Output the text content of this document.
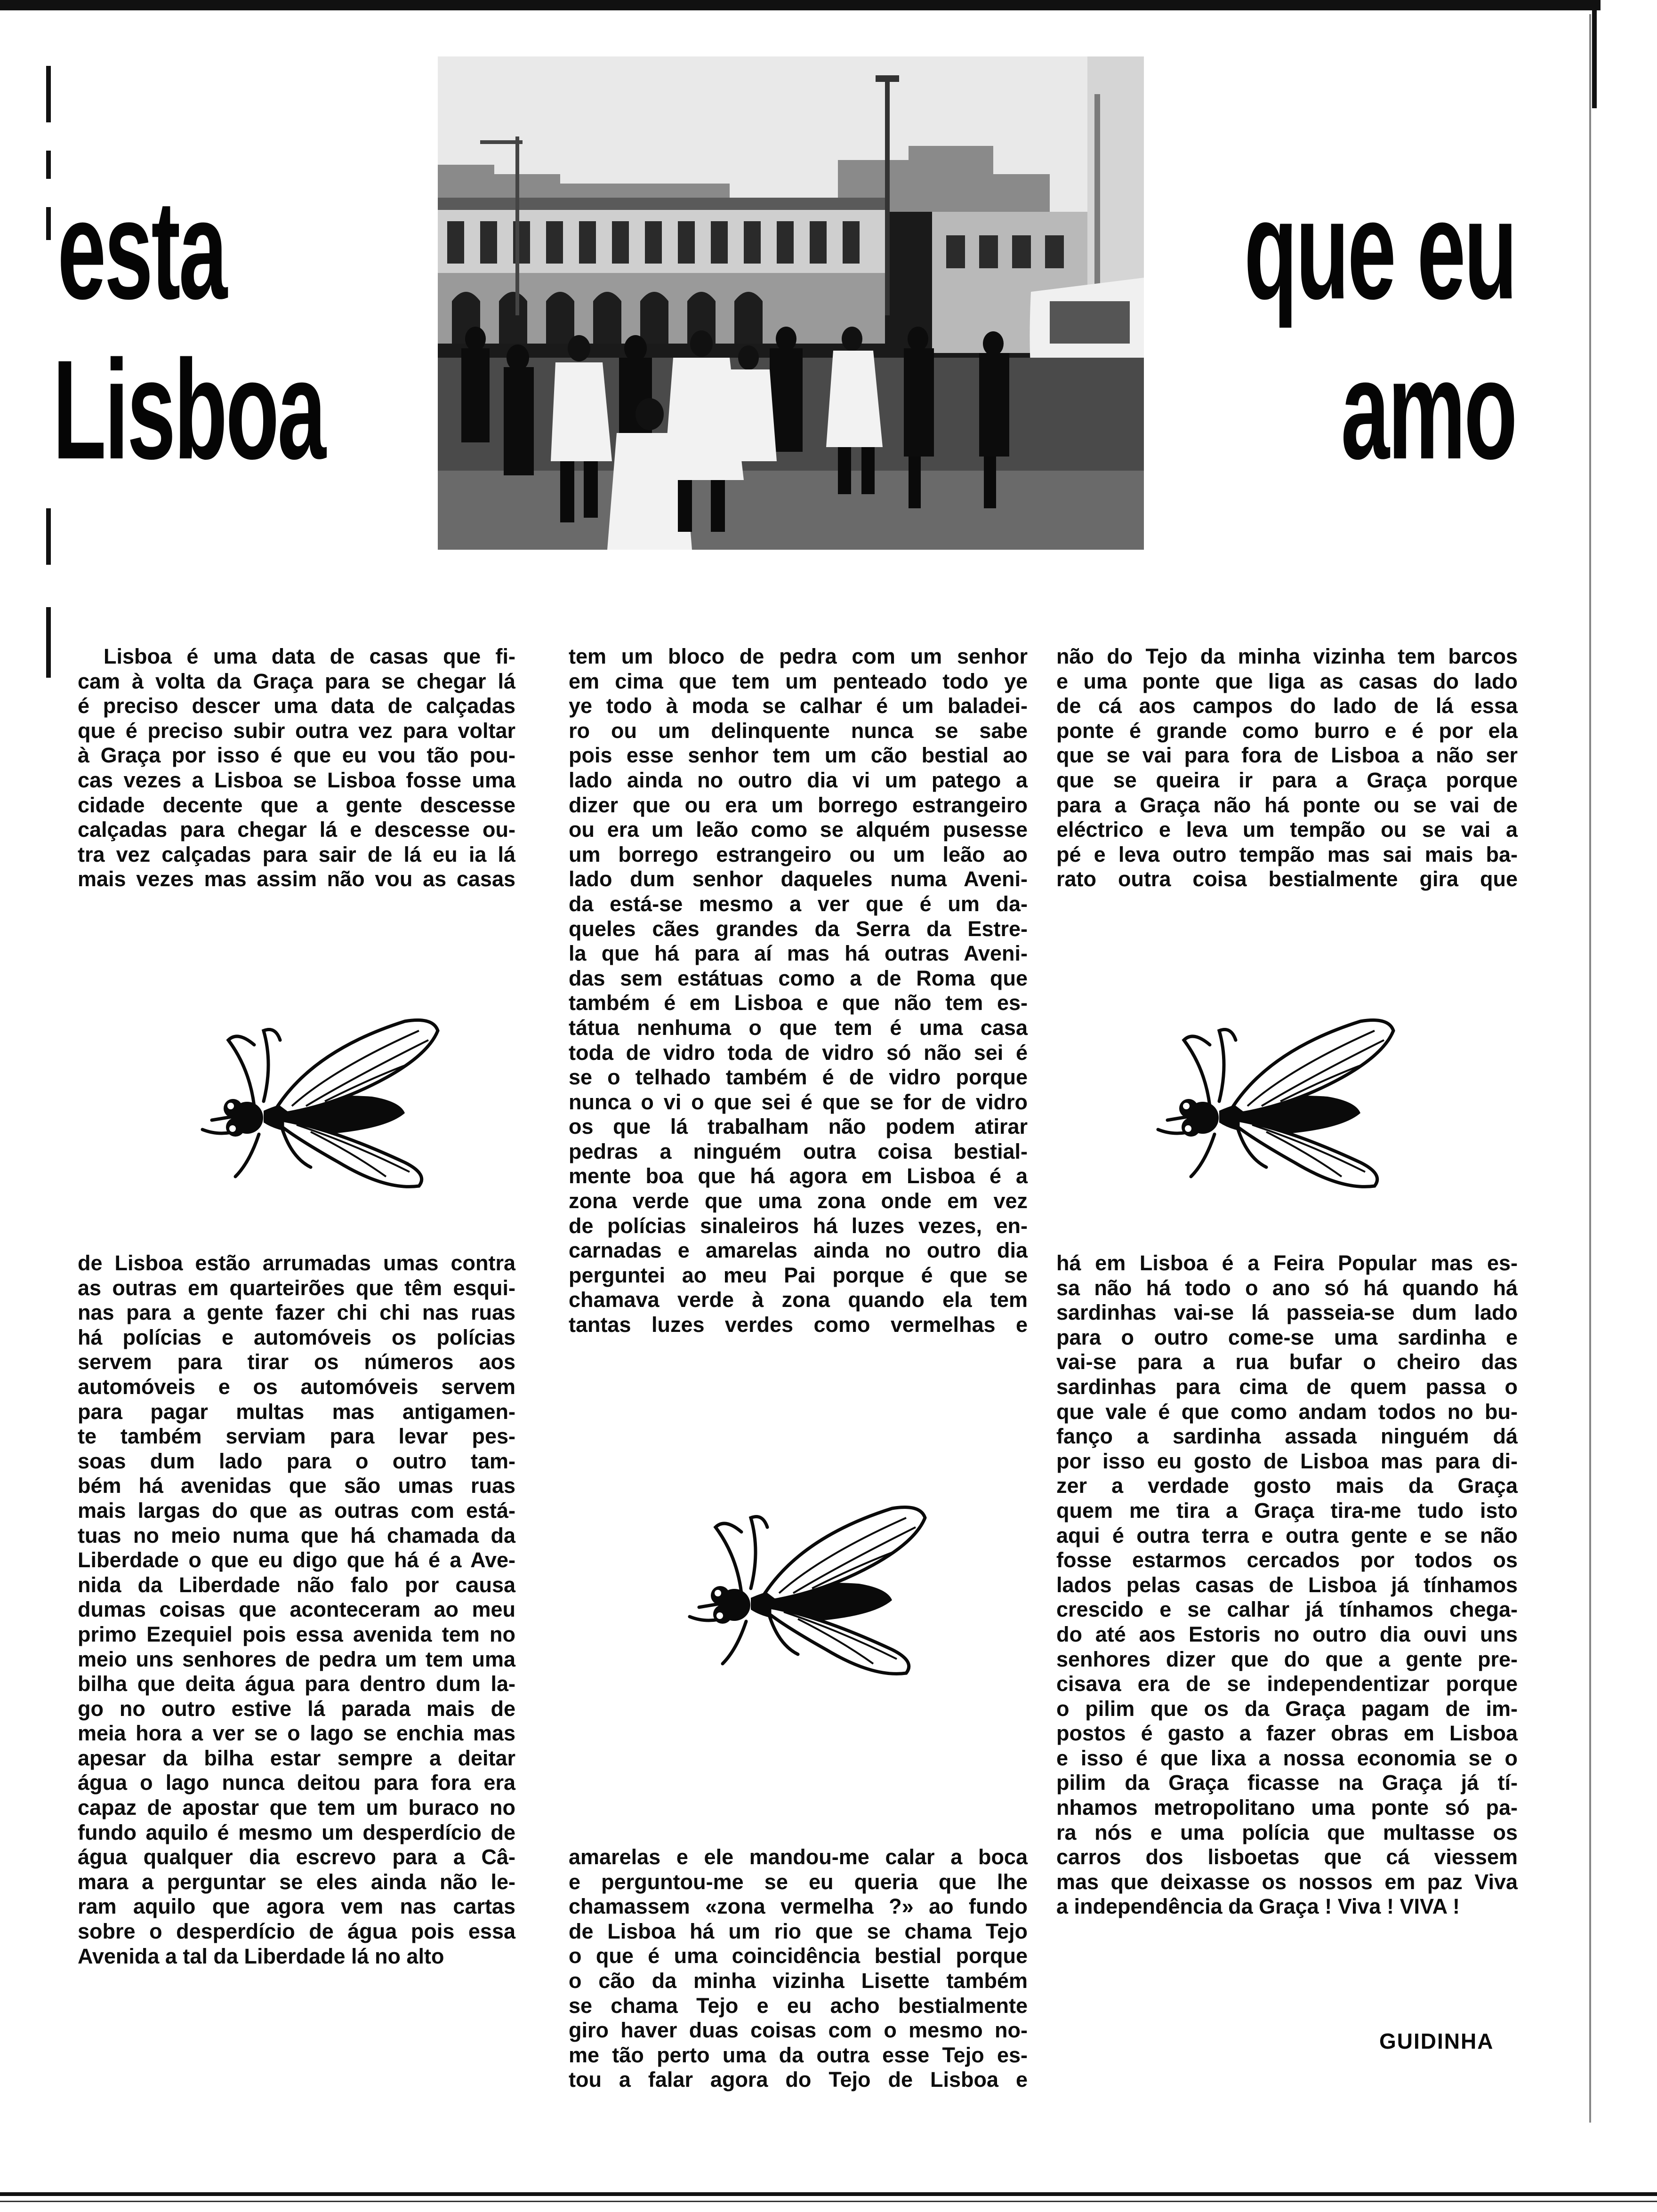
esta
Lisboa
que eu
amo
Lisboa é uma data de casas que fi-
cam à volta da Graça para se chegar lá
é preciso descer uma data de calçadas
que é preciso subir outra vez para voltar
à Graça por isso é que eu vou tão pou-
cas vezes a Lisboa se Lisboa fosse uma
cidade decente que a gente descesse
calçadas para chegar lá e descesse ou-
tra vez calçadas para sair de lá eu ia lá
mais vezes mas assim não vou as casas
de Lisboa estão arrumadas umas contra
as outras em quarteirões que têm esqui-
nas para a gente fazer chi chi nas ruas
há polícias e automóveis os polícias
servem para tirar os números aos
automóveis e os automóveis servem
para pagar multas mas antigamen-
te também serviam para levar pes-
soas dum lado para o outro tam-
bém há avenidas que são umas ruas
mais largas do que as outras com está-
tuas no meio numa que há chamada da
Liberdade o que eu digo que há é a Ave-
nida da Liberdade não falo por causa
dumas coisas que aconteceram ao meu
primo Ezequiel pois essa avenida tem no
meio uns senhores de pedra um tem uma
bilha que deita água para dentro dum la-
go no outro estive lá parada mais de
meia hora a ver se o lago se enchia mas
apesar da bilha estar sempre a deitar
água o lago nunca deitou para fora era
capaz de apostar que tem um buraco no
fundo aquilo é mesmo um desperdício de
água qualquer dia escrevo para a Câ-
mara a perguntar se eles ainda não le-
ram aquilo que agora vem nas cartas
sobre o desperdício de água pois essa
Avenida a tal da Liberdade lá no alto
tem um bloco de pedra com um senhor
em cima que tem um penteado todo ye
ye todo à moda se calhar é um baladei-
ro ou um delinquente nunca se sabe
pois esse senhor tem um cão bestial ao
lado ainda no outro dia vi um patego a
dizer que ou era um borrego estrangeiro
ou era um leão como se alquém pusesse
um borrego estrangeiro ou um leão ao
lado dum senhor daqueles numa Aveni-
da está-se mesmo a ver que é um da-
queles cães grandes da Serra da Estre-
la que há para aí mas há outras Aveni-
das sem estátuas como a de Roma que
também é em Lisboa e que não tem es-
tátua nenhuma o que tem é uma casa
toda de vidro toda de vidro só não sei é
se o telhado também é de vidro porque
nunca o vi o que sei é que se for de vidro
os que lá trabalham não podem atirar
pedras a ninguém outra coisa bestial-
mente boa que há agora em Lisboa é a
zona verde que uma zona onde em vez
de polícias sinaleiros há luzes vezes, en-
carnadas e amarelas ainda no outro dia
perguntei ao meu Pai porque é que se
chamava verde à zona quando ela tem
tantas luzes verdes como vermelhas e
amarelas e ele mandou-me calar a boca
e perguntou-me se eu queria que lhe
chamassem «zona vermelha ?» ao fundo
de Lisboa há um rio que se chama Tejo
o que é uma coincidência bestial porque
o cão da minha vizinha Lisette também
se chama Tejo e eu acho bestialmente
giro haver duas coisas com o mesmo no-
me tão perto uma da outra esse Tejo es-
tou a falar agora do Tejo de Lisboa e
não do Tejo da minha vizinha tem barcos
e uma ponte que liga as casas do lado
de cá aos campos do lado de lá essa
ponte é grande como burro e é por ela
que se vai para fora de Lisboa a não ser
que se queira ir para a Graça porque
para a Graça não há ponte ou se vai de
eléctrico e leva um tempão ou se vai a
pé e leva outro tempão mas sai mais ba-
rato outra coisa bestialmente gira que
há em Lisboa é a Feira Popular mas es-
sa não há todo o ano só há quando há
sardinhas vai-se lá passeia-se dum lado
para o outro come-se uma sardinha e
vai-se para a rua bufar o cheiro das
sardinhas para cima de quem passa o
que vale é que como andam todos no bu-
fanço a sardinha assada ninguém dá
por isso eu gosto de Lisboa mas para di-
zer a verdade gosto mais da Graça
quem me tira a Graça tira-me tudo isto
aqui é outra terra e outra gente e se não
fosse estarmos cercados por todos os
lados pelas casas de Lisboa já tínhamos
crescido e se calhar já tínhamos chega-
do até aos Estoris no outro dia ouvi uns
senhores dizer que do que a gente pre-
cisava era de se independentizar porque
o pilim que os da Graça pagam de im-
postos é gasto a fazer obras em Lisboa
e isso é que lixa a nossa economia se o
pilim da Graça ficasse na Graça já tí-
nhamos metropolitano uma ponte só pa-
ra nós e uma polícia que multasse os
carros dos lisboetas que cá viessem
mas que deixasse os nossos em paz Viva
a independência da Graça ! Viva ! VIVA !
GUIDINHA
